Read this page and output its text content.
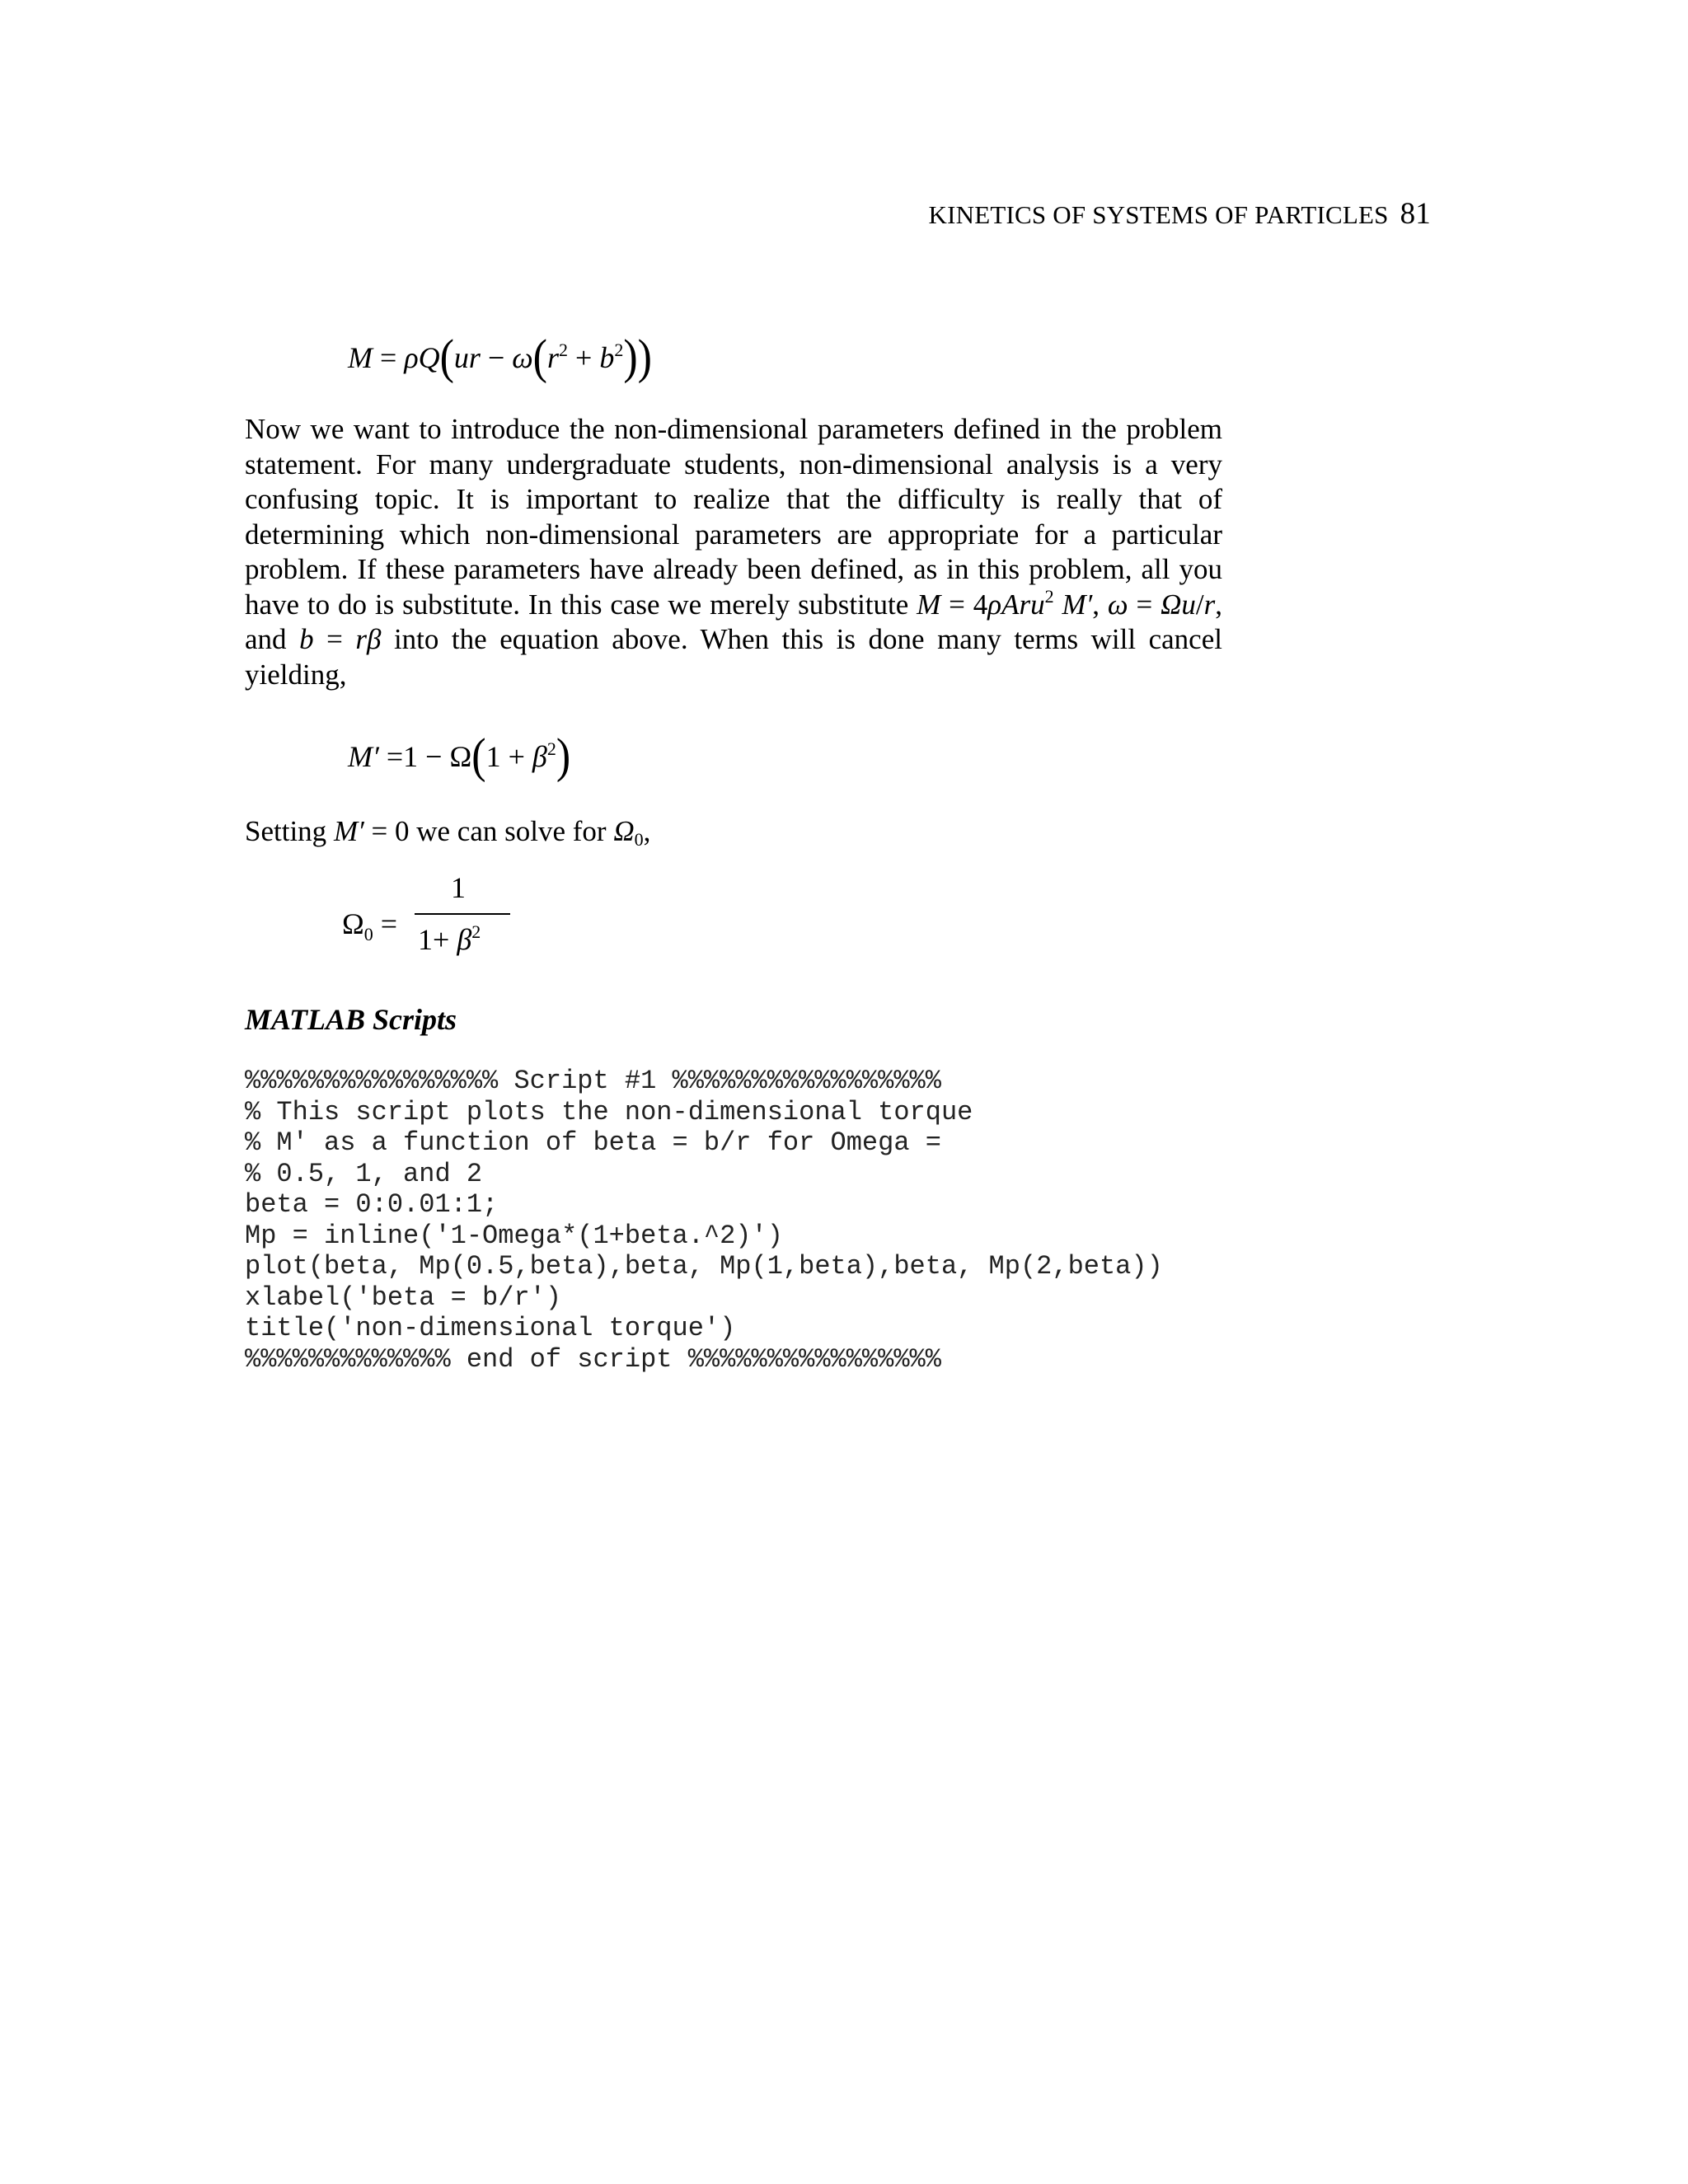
KINETICS OF SYSTEMS OF PARTICLES 81
$M = \rho Q(ur - \omega(r^2 + b^2))$

Now we want to introduce the non-dimensional parameters defined in the problem statement. For many undergraduate students, non-dimensional analysis is a very confusing topic. It is important to realize that the difficulty is really that of determining which non-dimensional parameters are appropriate for a particular problem. If these parameters have already been defined, as in this problem, all you have to do is substitute. In this case we merely substitute M = 4ρAru$^2$ M′, ω = Ωu/r, and b = rβ into the equation above. When this is done many terms will cancel yielding,

$M' =1 - \Omega(1 + \beta^2)$

Setting M′ = 0 we can solve for $\Omega_0$,

$\Omega_0$ =
1
$1+ \beta^2$
MATLAB Scripts
%%%%%%%%%%%%%%%% Script #1 %%%%%%%%%%%%%%%%%
% This script plots the non-dimensional torque
% M' as a function of beta = b/r for Omega =
% 0.5, 1, and 2
beta = 0:0.01:1;
Mp = inline('1-Omega*(1+beta.^2)')
plot(beta, Mp(0.5,beta),beta, Mp(1,beta),beta, Mp(2,beta))
xlabel('beta = b/r')
title('non-dimensional torque')
%%%%%%%%%%%%% end of script %%%%%%%%%%%%%%%%
